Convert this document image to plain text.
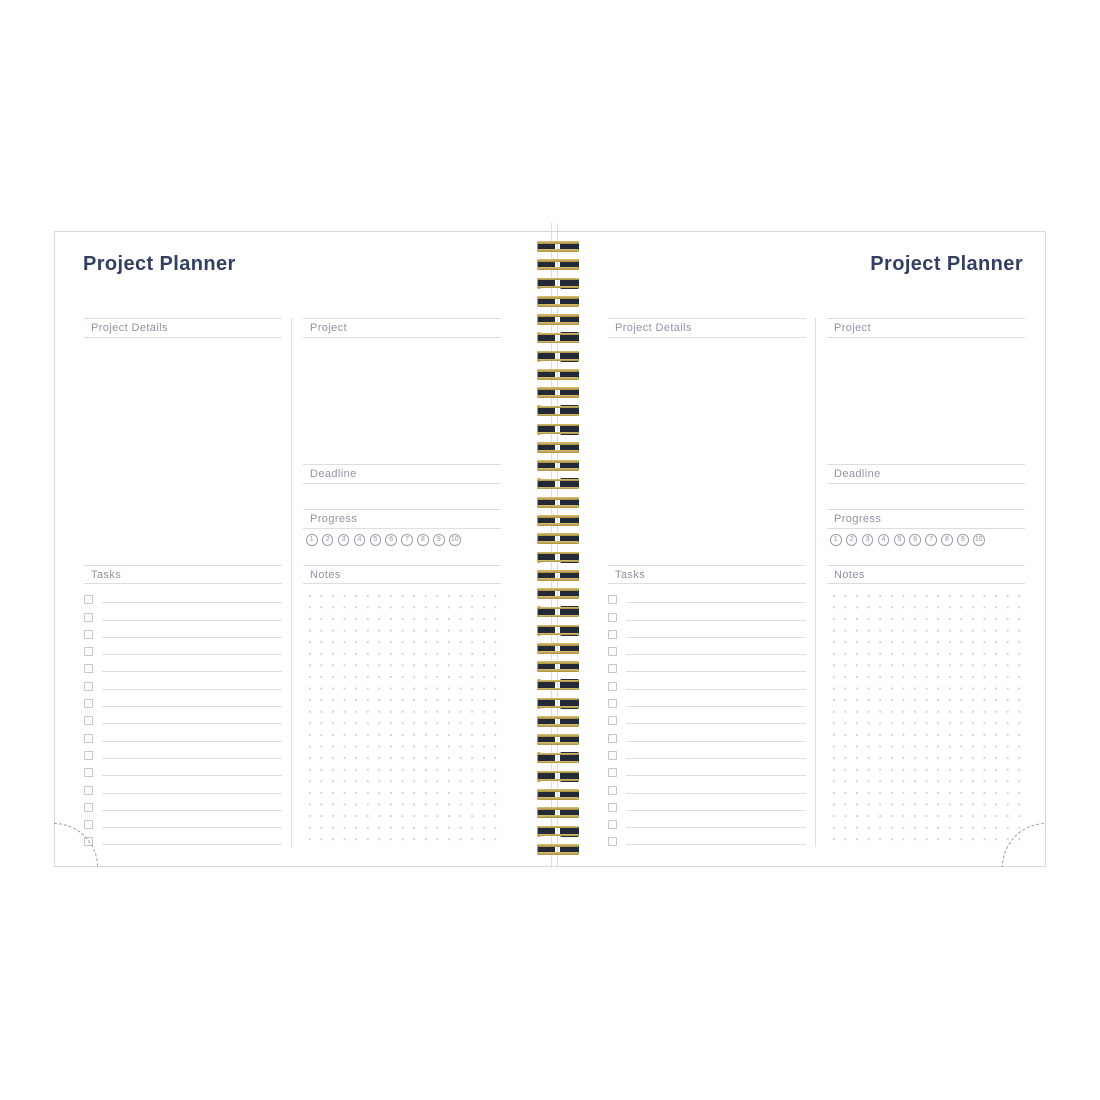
Project Planner
Project Details
Tasks
Project
Deadline
Progress
1	2	3	4	5	6	7	8	9	10
Notes
Project Planner
Project Details
Tasks
Project
Deadline
Progress
1	2	3	4	5	6	7	8	9	10
Notes
